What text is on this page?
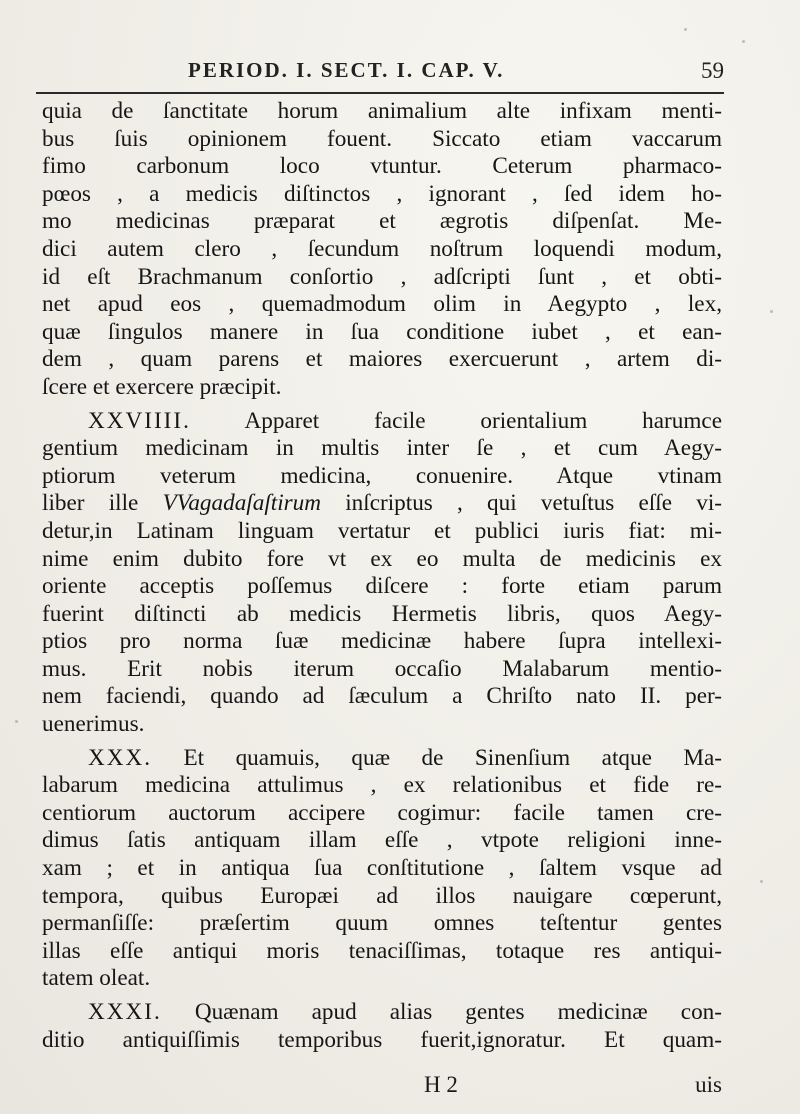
PERIOD. I. SECT. I. CAP. V.	59
quia de ſanctitate horum animalium alte infixam menti-
bus ſuis opinionem fouent. Siccato etiam vaccarum
fimo carbonum loco vtuntur. Ceterum pharmaco-
pœos , a medicis diſtinctos , ignorant , ſed idem ho-
mo medicinas præparat et ægrotis diſpenſat. Me-
dici autem clero , ſecundum noſtrum loquendi modum,
id eſt Brachmanum conſortio , adſcripti ſunt , et obti-
net apud eos , quemadmodum olim in Aegypto , lex,
quæ ſingulos manere in ſua conditione iubet , et ean-
dem , quam parens et maiores exercuerunt , artem di-
ſcere et exercere præcipit.
XXVIIII. Apparet facile orientalium harumce
gentium medicinam in multis inter ſe , et cum Aegy-
ptiorum veterum medicina, conuenire. Atque vtinam
liber ille VVagadaſaſtirum inſcriptus , qui vetuſtus eſſe vi-
detur,in Latinam linguam vertatur et publici iuris fiat: mi-
nime enim dubito fore vt ex eo multa de medicinis ex
oriente acceptis poſſemus diſcere : forte etiam parum
fuerint diſtincti ab medicis Hermetis libris, quos Aegy-
ptios pro norma ſuæ medicinæ habere ſupra intellexi-
mus. Erit nobis iterum occaſio Malabarum mentio-
nem faciendi, quando ad ſæculum a Chriſto nato II. per-
uenerimus.
XXX. Et quamuis, quæ de Sinenſium atque Ma-
labarum medicina attulimus , ex relationibus et fide re-
centiorum auctorum accipere cogimur: facile tamen cre-
dimus ſatis antiquam illam eſſe , vtpote religioni inne-
xam ; et in antiqua ſua conſtitutione , ſaltem vsque ad
tempora, quibus Europæi ad illos nauigare cœperunt,
permanſiſſe: præſertim quum omnes teſtentur gentes
illas eſſe antiqui moris tenaciſſimas, totaque res antiqui-
tatem oleat.
XXXI. Quænam apud alias gentes medicinæ con-
ditio antiquiſſimis temporibus fuerit,ignoratur. Et quam-
H 2	uis
